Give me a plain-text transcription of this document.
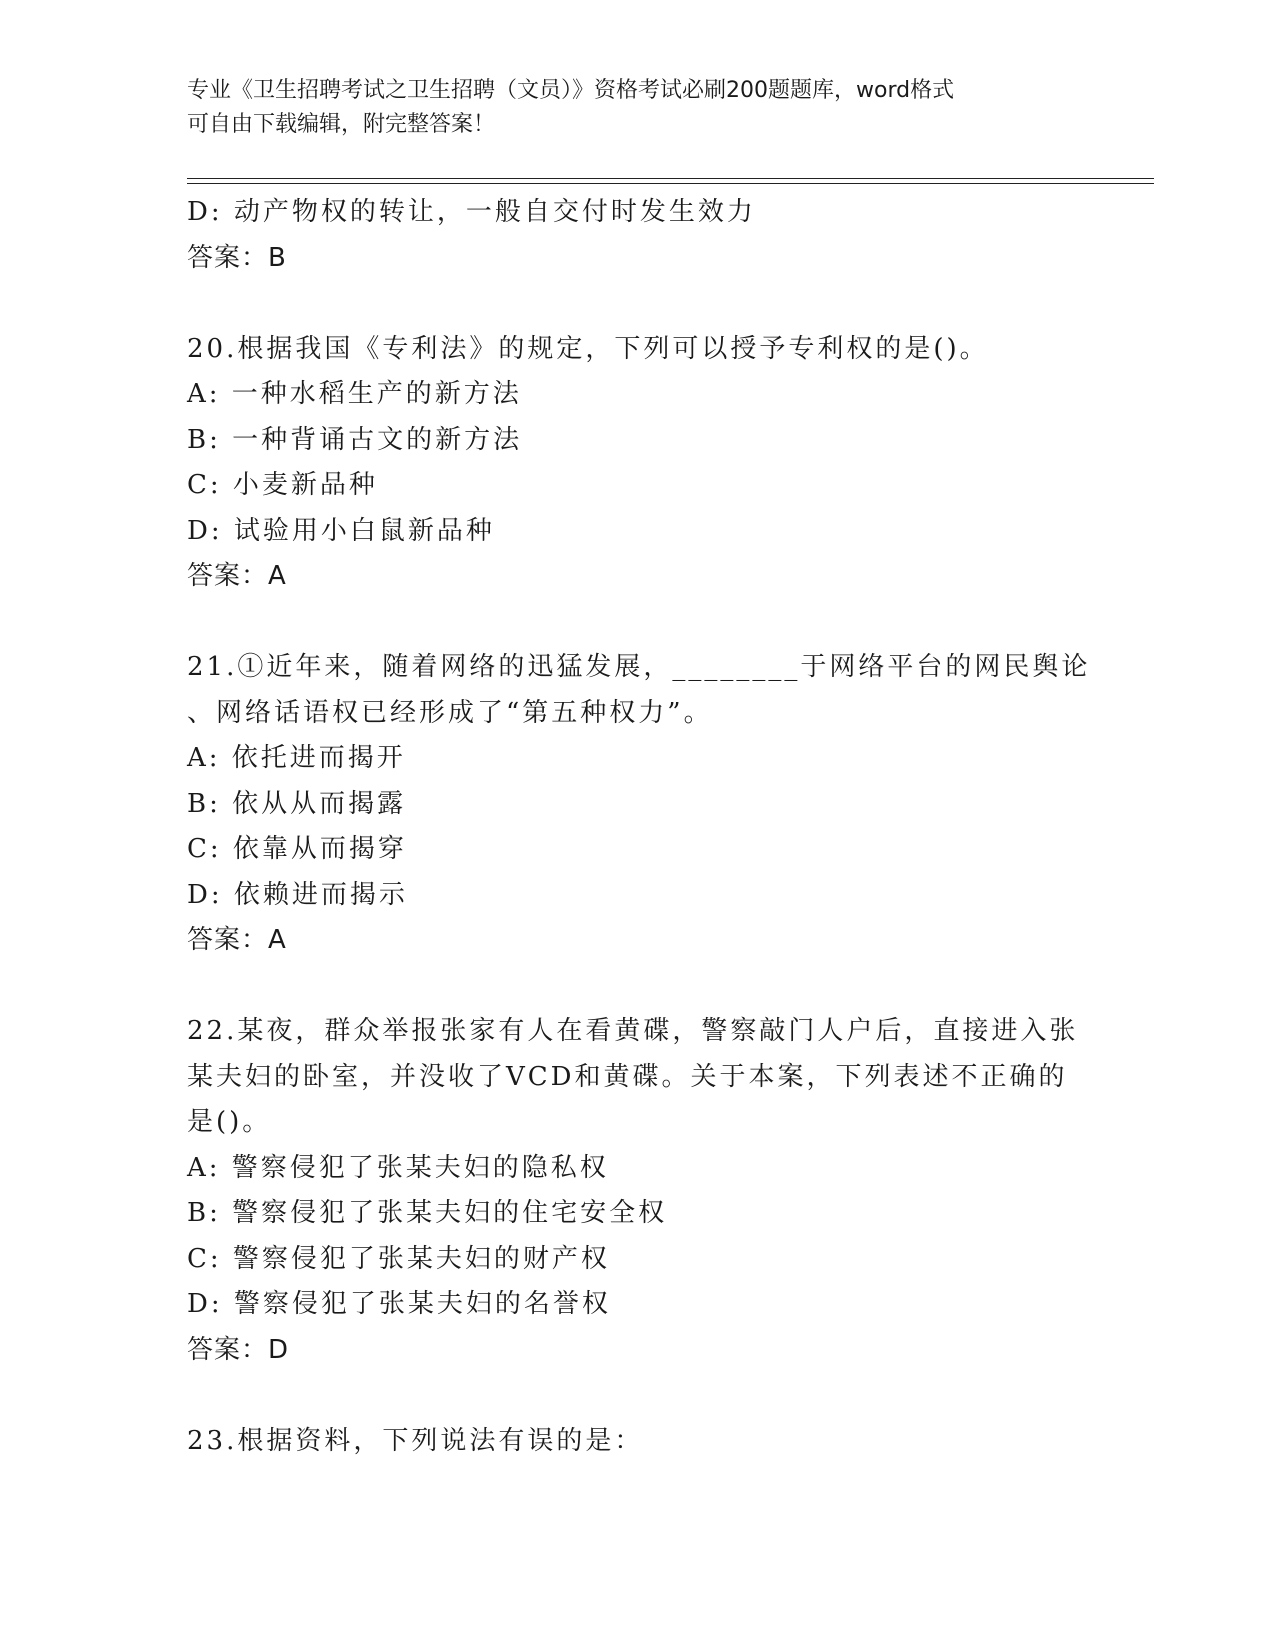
专业《卫生招聘考试之卫生招聘（文员）》资格考试必刷200题题库，word格式
可自由下载编辑，附完整答案！
D: 动产物权的转让，一般自交付时发生效力
答案：B
20.根据我国《专利法》的规定，下列可以授予专利权的是()。
A: 一种水稻生产的新方法
B: 一种背诵古文的新方法
C: 小麦新品种
D: 试验用小白鼠新品种
答案：A
21.①近年来，随着网络的迅猛发展，________于网络平台的网民舆论
、网络话语权已经形成了“第五种权力”。
A: 依托进而揭开
B: 依从从而揭露
C: 依靠从而揭穿
D: 依赖进而揭示
答案：A
22.某夜，群众举报张家有人在看黄碟，警察敲门人户后，直接进入张
某夫妇的卧室，并没收了VCD和黄碟。关于本案，下列表述不正确的
是()。
A: 警察侵犯了张某夫妇的隐私权
B: 警察侵犯了张某夫妇的住宅安全权
C: 警察侵犯了张某夫妇的财产权
D: 警察侵犯了张某夫妇的名誉权
答案：D
23.根据资料，下列说法有误的是：
